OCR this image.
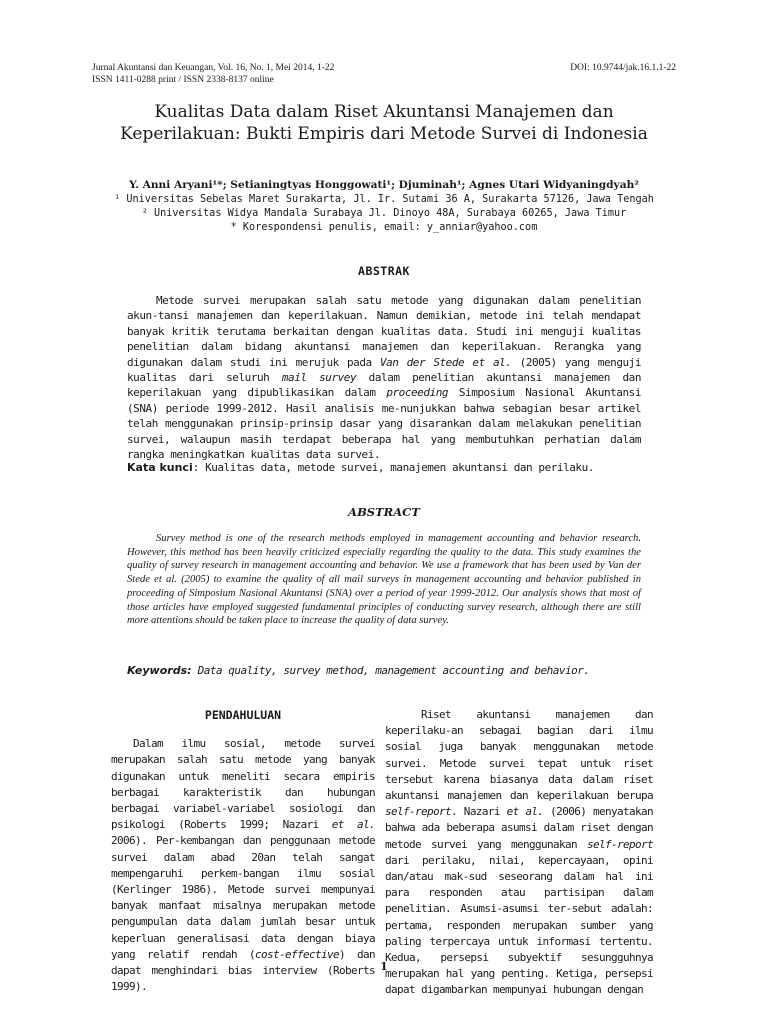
Jurnal Akuntansi dan Keuangan, Vol. 16, No. 1, Mei 2014, 1-22
ISSN 1411-0288 print / ISSN 2338-8137 online
DOI: 10.9744/jak.16.1.1-22
Kualitas Data dalam Riset Akuntansi Manajemen dan
Keperilakuan: Bukti Empiris dari Metode Survei di Indonesia
Y. Anni Aryani¹*; Setianingtyas Honggowati¹; Djuminah¹; Agnes Utari Widyaningdyah²
¹ Universitas Sebelas Maret Surakarta, Jl. Ir. Sutami 36 A, Surakarta 57126, Jawa Tengah
² Universitas Widya Mandala Surabaya Jl. Dinoyo 48A, Surabaya 60265, Jawa Timur
* Korespondensi penulis, email: y_anniar@yahoo.com
ABSTRAK

Metode survei merupakan salah satu metode yang digunakan dalam penelitian akun-tansi manajemen dan keperilakuan. Namun demikian, metode ini telah mendapat banyak kritik terutama berkaitan dengan kualitas data. Studi ini menguji kualitas penelitian dalam bidang akuntansi manajemen dan keperilakuan. Rerangka yang digunakan dalam studi ini merujuk pada Van der Stede et al. (2005) yang menguji kualitas dari seluruh mail survey dalam penelitian akuntansi manajemen dan keperilakuan yang dipublikasikan dalam proceeding Simposium Nasional Akuntansi (SNA) periode 1999-2012. Hasil analisis me-nunjukkan bahwa sebagian besar artikel telah menggunakan prinsip-prinsip dasar yang disarankan dalam melakukan penelitian survei, walaupun masih terdapat beberapa hal yang membutuhkan perhatian dalam rangka meningkatkan kualitas data survei.

Kata kunci: Kualitas data, metode survei, manajemen akuntansi dan perilaku.
ABSTRACT

Survey method is one of the research methods employed in management accounting and behavior research. However, this method has been heavily criticized especially regarding the quality to the data. This study examines the quality of survey research in management accounting and behavior. We use a framework that has been used by Van der Stede et al. (2005) to examine the quality of all mail surveys in management accounting and behavior published in proceeding of Simposium Nasional Akuntansi (SNA) over a period of year 1999-2012. Our analysis shows that most of those articles have employed suggested fundamental principles of conducting survey research, although there are still more attentions should be taken place to increase the quality of data survey.

Keywords: Data quality, survey method, management accounting and behavior.
PENDAHULUAN

Dalam ilmu sosial, metode survei merupakan salah satu metode yang banyak digunakan untuk meneliti secara empiris berbagai karakteristik dan hubungan berbagai variabel-variabel sosiologi dan psikologi (Roberts 1999; Nazari et al. 2006). Per-kembangan dan penggunaan metode survei dalam abad 20an telah sangat mempengaruhi perkem-bangan ilmu sosial (Kerlinger 1986). Metode survei mempunyai banyak manfaat misalnya merupakan metode pengumpulan data dalam jumlah besar untuk keperluan generalisasi data dengan biaya yang relatif rendah (cost-effective) dan dapat menghindari bias interview (Roberts 1999).

Riset akuntansi manajemen dan keperilaku-an sebagai bagian dari ilmu sosial juga banyak menggunakan metode survei. Metode survei tepat untuk riset tersebut karena biasanya data dalam riset akuntansi manajemen dan keperilakuan berupa self-report. Nazari et al. (2006) menyatakan bahwa ada beberapa asumsi dalam riset dengan metode survei yang menggunakan self-report dari perilaku, nilai, kepercayaan, opini dan/atau mak-sud seseorang dalam hal ini para responden atau partisipan dalam penelitian. Asumsi-asumsi ter-sebut adalah: pertama, responden merupakan sumber yang paling terpercaya untuk informasi tertentu. Kedua, persepsi subyektif sesungguhnya merupakan hal yang penting. Ketiga, persepsi dapat digambarkan mempunyai hubungan dengan

1
